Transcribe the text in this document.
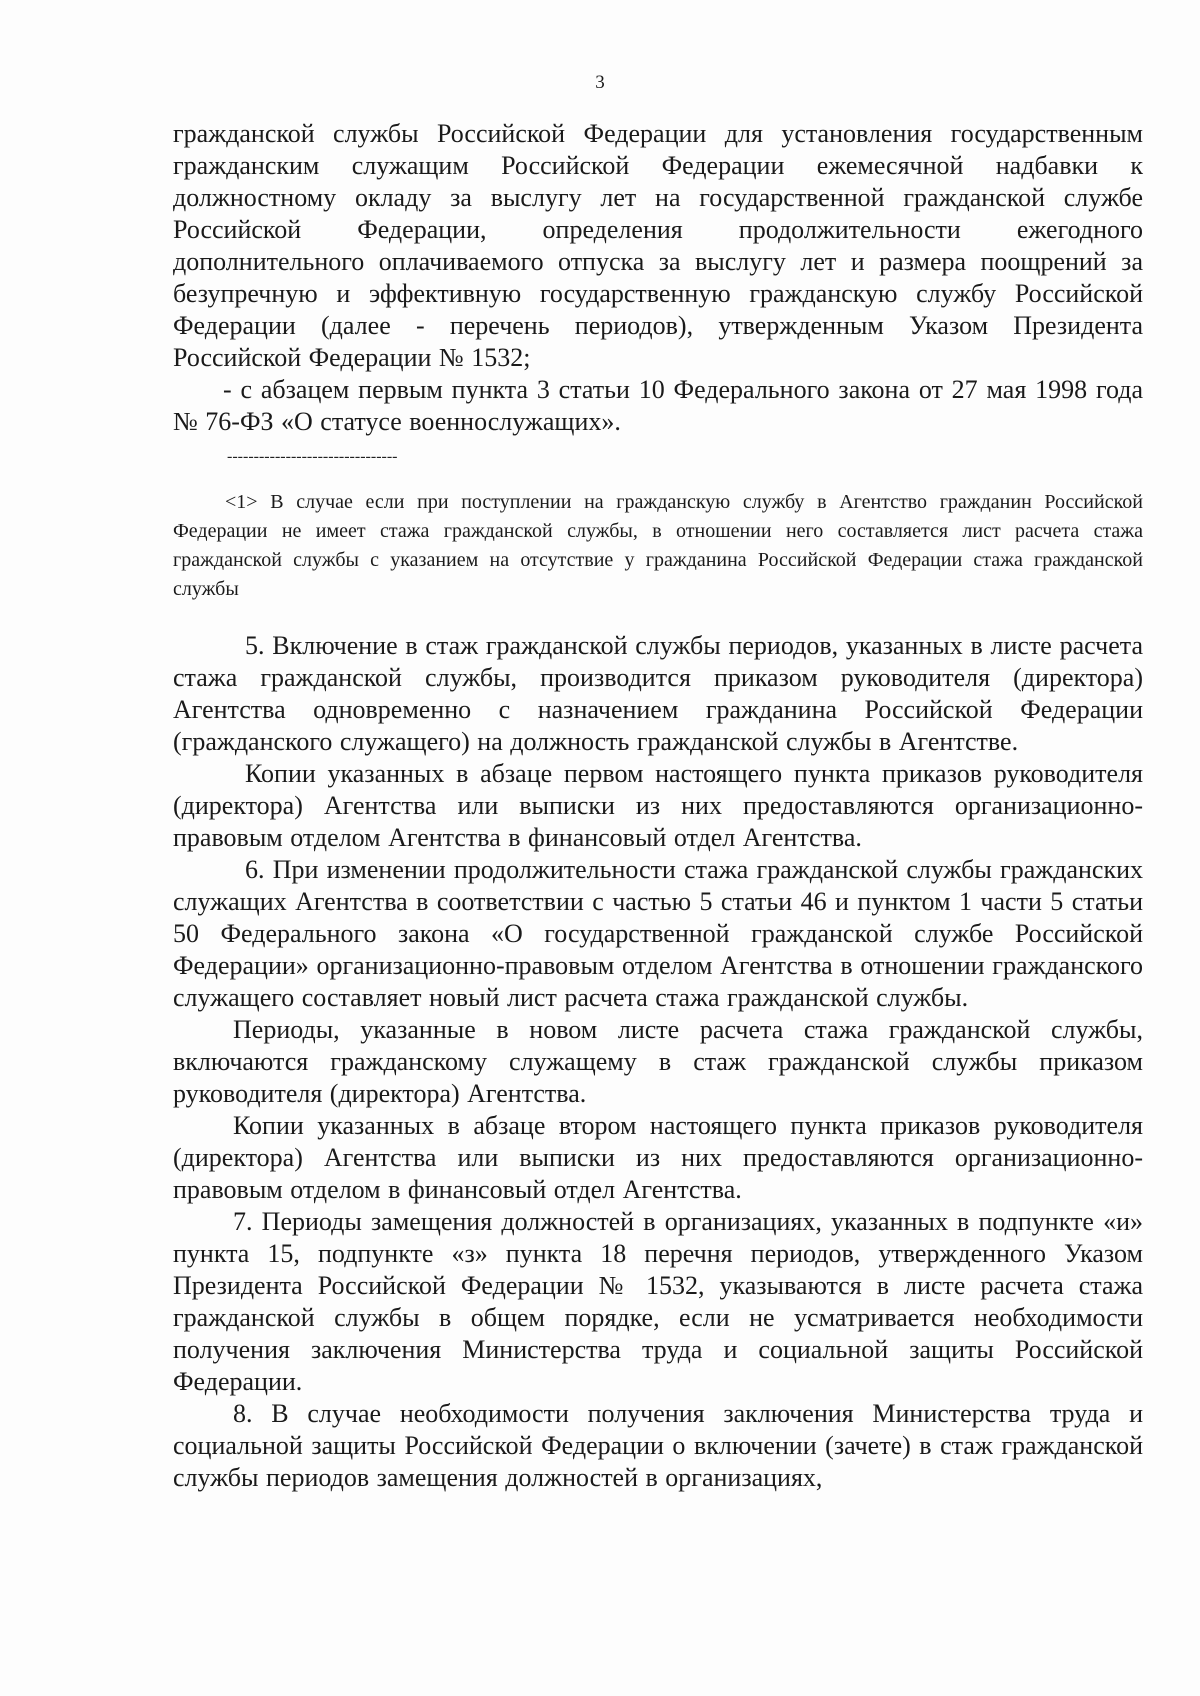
3

гражданской службы Российской Федерации для установления государственным гражданским служащим Российской Федерации ежемесячной надбавки к должностному окладу за выслугу лет на государственной гражданской службе Российской Федерации, определения продолжительности ежегодного дополнительного оплачиваемого отпуска за выслугу лет и размера поощрений за безупречную и эффективную государственную гражданскую службу Российской Федерации (далее - перечень периодов), утвержденным Указом Президента Российской Федерации № 1532;

- с абзацем первым пункта 3 статьи 10 Федерального закона от 27 мая 1998 года № 76-ФЗ «О статусе военнослужащих».

--------------------------------

<1> В случае если при поступлении на гражданскую службу в Агентство гражданин Российской Федерации не имеет стажа гражданской службы, в отношении него составляется лист расчета стажа гражданской службы с указанием на отсутствие у гражданина Российской Федерации стажа гражданской службы

5. Включение в стаж гражданской службы периодов, указанных в листе расчета стажа гражданской службы, производится приказом руководителя (директора) Агентства одновременно с назначением гражданина Российской Федерации (гражданского служащего) на должность гражданской службы в Агентстве.

Копии указанных в абзаце первом настоящего пункта приказов руководителя (директора) Агентства или выписки из них предоставляются организационно-правовым отделом Агентства в финансовый отдел Агентства.

6. При изменении продолжительности стажа гражданской службы гражданских служащих Агентства в соответствии с частью 5 статьи 46 и пунктом 1 части 5 статьи 50 Федерального закона «О государственной гражданской службе Российской Федерации» организационно-правовым отделом Агентства в отношении гражданского служащего составляет новый лист расчета стажа гражданской службы.

Периоды, указанные в новом листе расчета стажа гражданской службы, включаются гражданскому служащему в стаж гражданской службы приказом руководителя (директора) Агентства.

Копии указанных в абзаце втором настоящего пункта приказов руководителя (директора) Агентства или выписки из них предоставляются организационно-правовым отделом в финансовый отдел Агентства.

7. Периоды замещения должностей в организациях, указанных в подпункте «и» пункта 15, подпункте «з» пункта 18 перечня периодов, утвержденного Указом Президента Российской Федерации № 1532, указываются в листе расчета стажа гражданской службы в общем порядке, если не усматривается необходимости получения заключения Министерства труда и социальной защиты Российской Федерации.

8. В случае необходимости получения заключения Министерства труда и социальной защиты Российской Федерации о включении (зачете) в стаж гражданской службы периодов замещения должностей в организациях,
